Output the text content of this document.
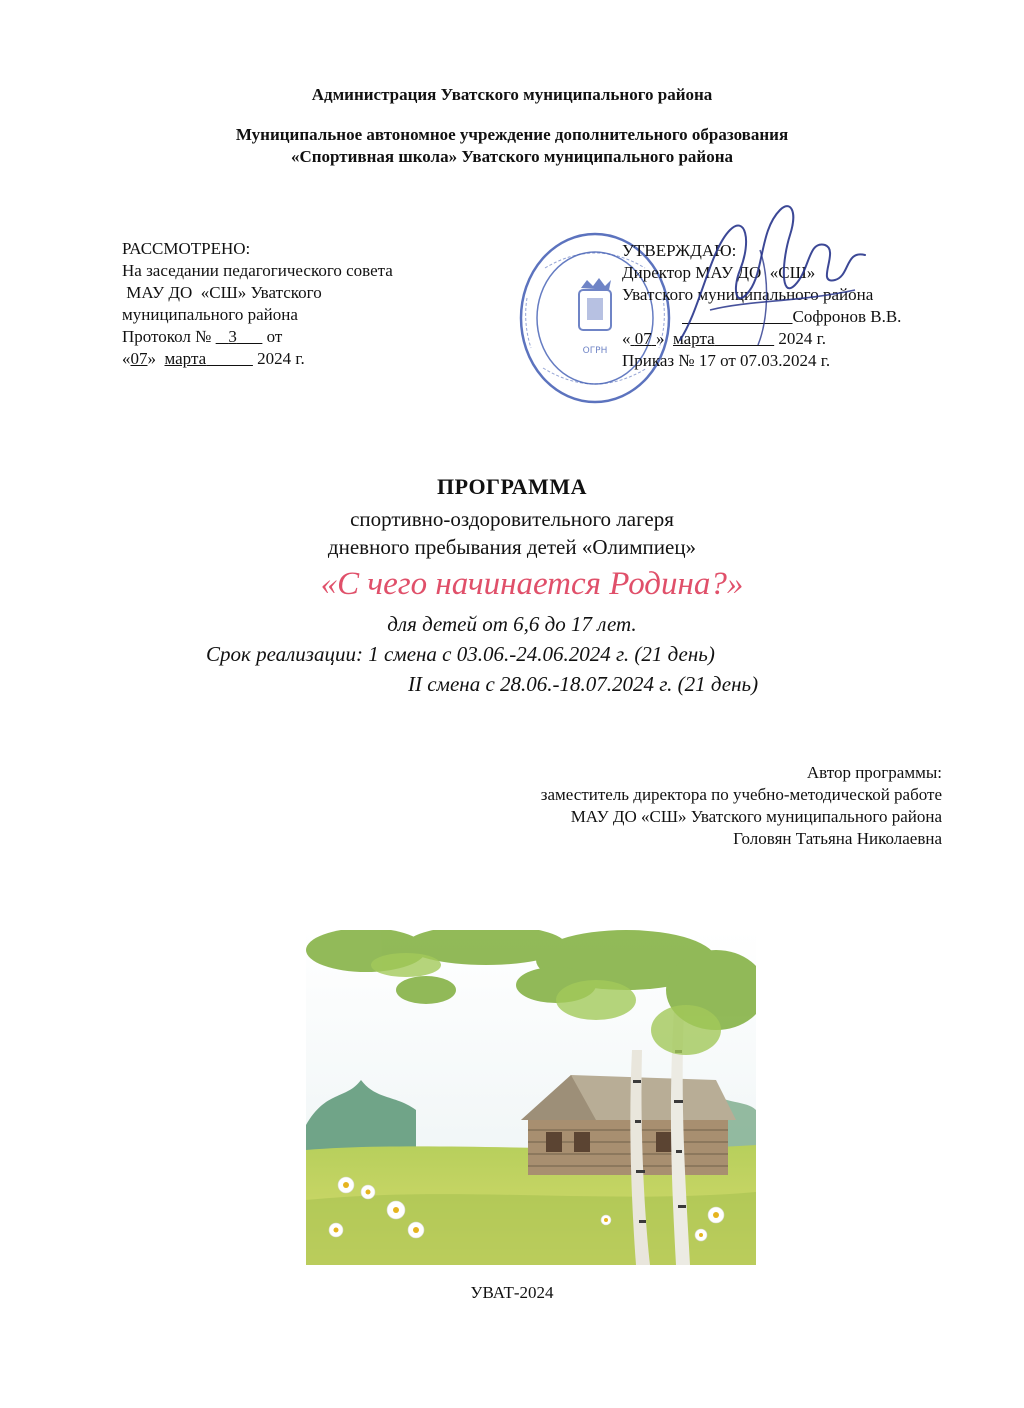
Администрация Уватского муниципального района
Муниципальное автономное учреждение дополнительного образования
«Спортивная школа» Уватского муниципального района
РАССМОТРЕНО:
На заседании педагогического совета
МАУ ДО  «СШ» Уватского
муниципального района
Протокол №    3       от
«07»  марта	2024 г.	ОГРН
УТВЕРЖДАЮ:
Директор МАУ ДО  «СШ»
Уватского муниципального района
Софронов В.В.
« 07 »  марта	2024 г.
Приказ № 17 от 07.03.2024 г.
ПРОГРАММА
спортивно-оздоровительного лагеря
дневного пребывания детей «Олимпиец»
«С чего начинается Родина?»
для детей от 6,6 до 17 лет.
Срок реализации: 1 смена с 03.06.-24.06.2024 г. (21 день)
II смена с 28.06.-18.07.2024 г. (21 день)
Автор программы:
заместитель директора по учебно-методической работе
МАУ ДО «СШ» Уватского муниципального района
Головян Татьяна Николаевна
УВАТ-2024
